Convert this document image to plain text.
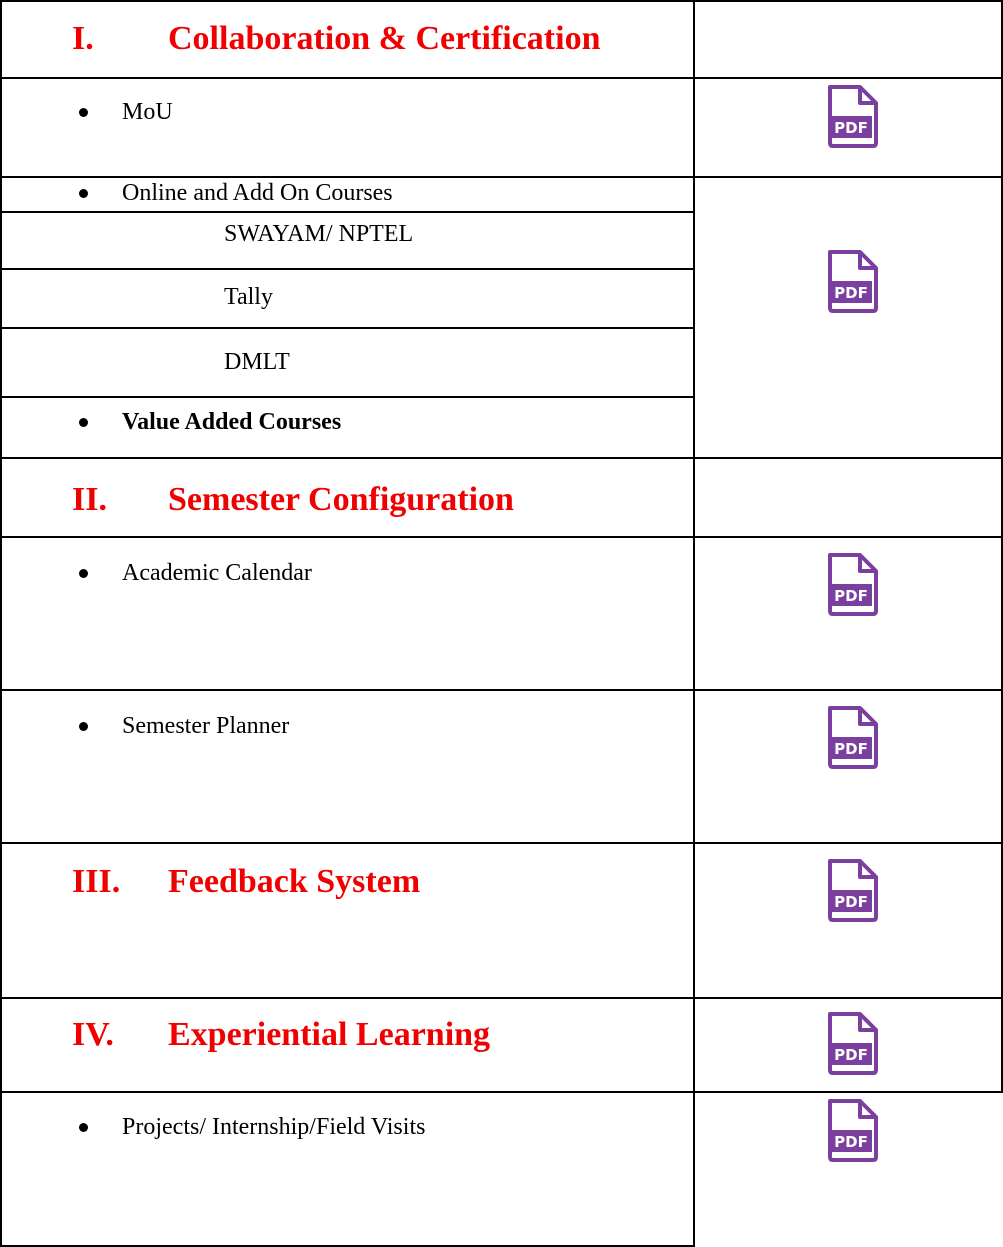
I. Collaboration & Certification
MoU
PDF
Online and Add On Courses
SWAYAM/ NPTEL
Tally
DMLT
Value Added Courses
PDF
II. Semester Configuration
Academic Calendar
PDF
Semester Planner
PDF
III. Feedback System
PDF
IV. Experiential Learning
PDF
Projects/ Internship/Field Visits
PDF
